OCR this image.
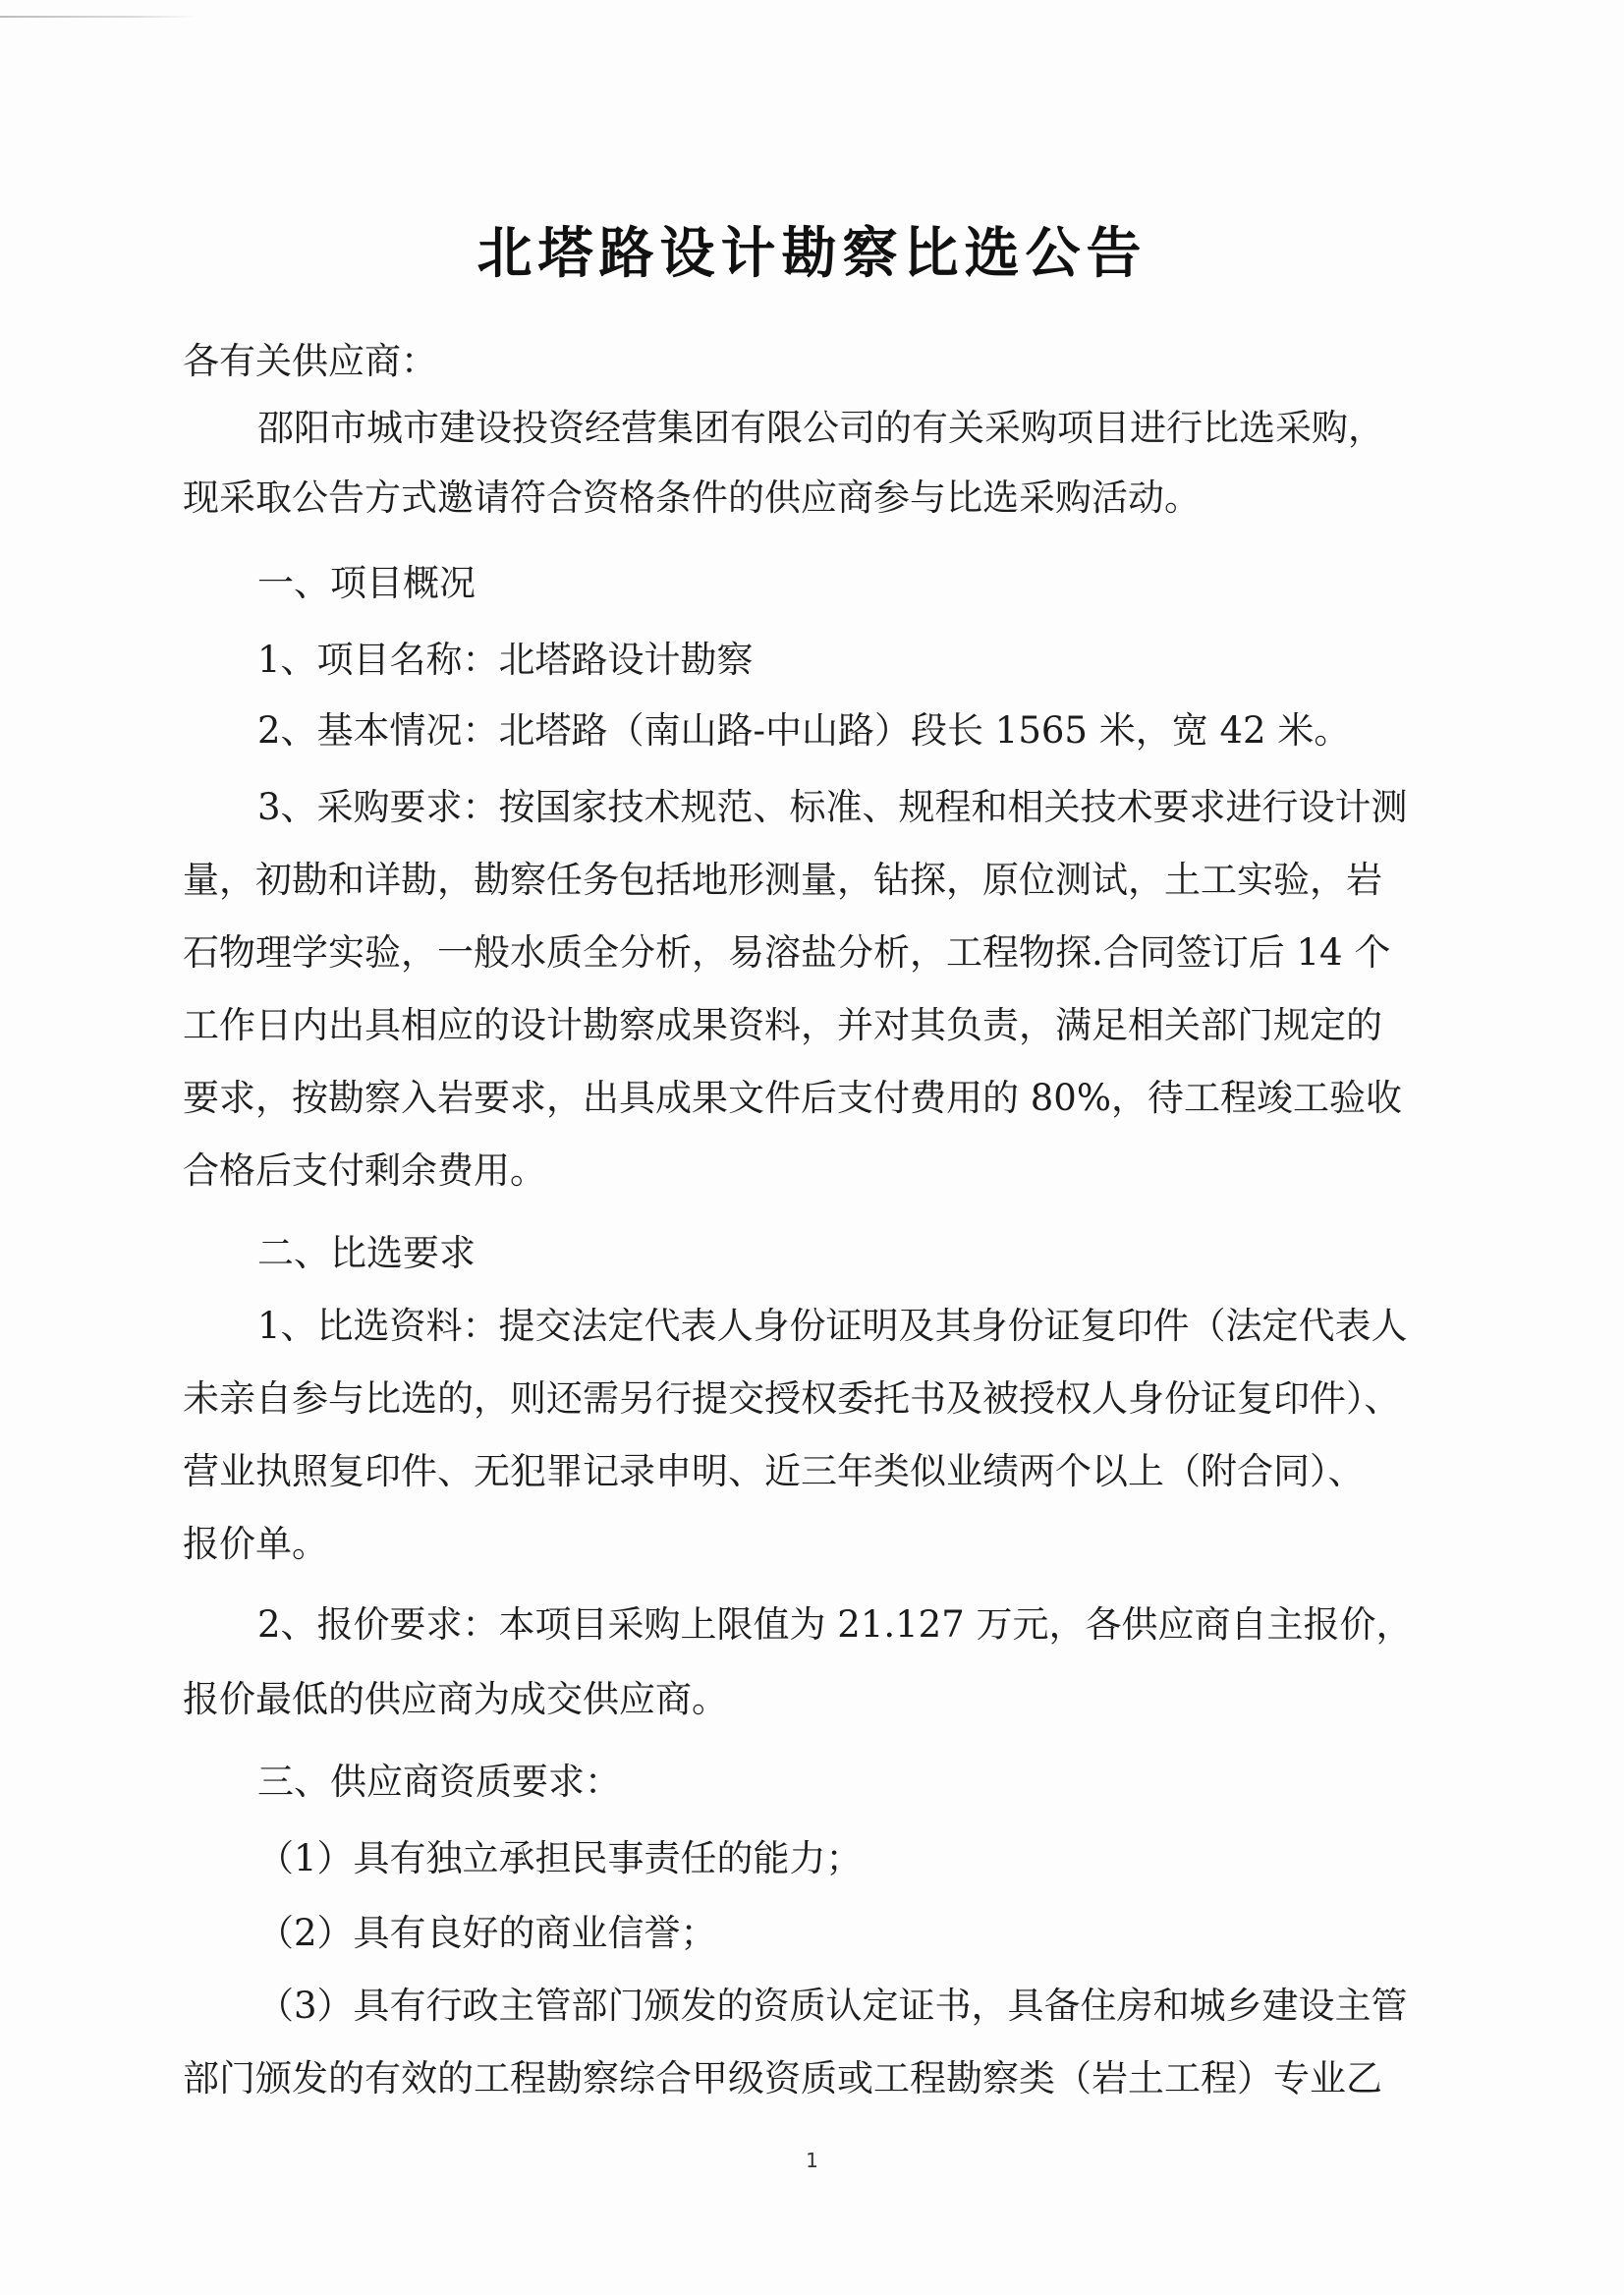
北塔路设计勘察比选公告
各有关供应商：
邵阳市城市建设投资经营集团有限公司的有关采购项目进行比选采购，
现采取公告方式邀请符合资格条件的供应商参与比选采购活动。
一、项目概况
1、项目名称：北塔路设计勘察
2、基本情况：北塔路（南山路-中山路）段长 1565 米，宽 42 米。
3、采购要求：按国家技术规范、标准、规程和相关技术要求进行设计测
量，初勘和详勘，勘察任务包括地形测量，钻探，原位测试，土工实验，岩
石物理学实验，一般水质全分析，易溶盐分析，工程物探.合同签订后 14 个
工作日内出具相应的设计勘察成果资料，并对其负责，满足相关部门规定的
要求，按勘察入岩要求，出具成果文件后支付费用的 80%，待工程竣工验收
合格后支付剩余费用。
二、比选要求
1、比选资料：提交法定代表人身份证明及其身份证复印件（法定代表人
未亲自参与比选的，则还需另行提交授权委托书及被授权人身份证复印件）、
营业执照复印件、无犯罪记录申明、近三年类似业绩两个以上（附合同）、
报价单。
2、报价要求：本项目采购上限值为 21.127 万元，各供应商自主报价，
报价最低的供应商为成交供应商。
三、供应商资质要求：
（1）具有独立承担民事责任的能力；
（2）具有良好的商业信誉；
（3）具有行政主管部门颁发的资质认定证书，具备住房和城乡建设主管
部门颁发的有效的工程勘察综合甲级资质或工程勘察类（岩土工程）专业乙
1
